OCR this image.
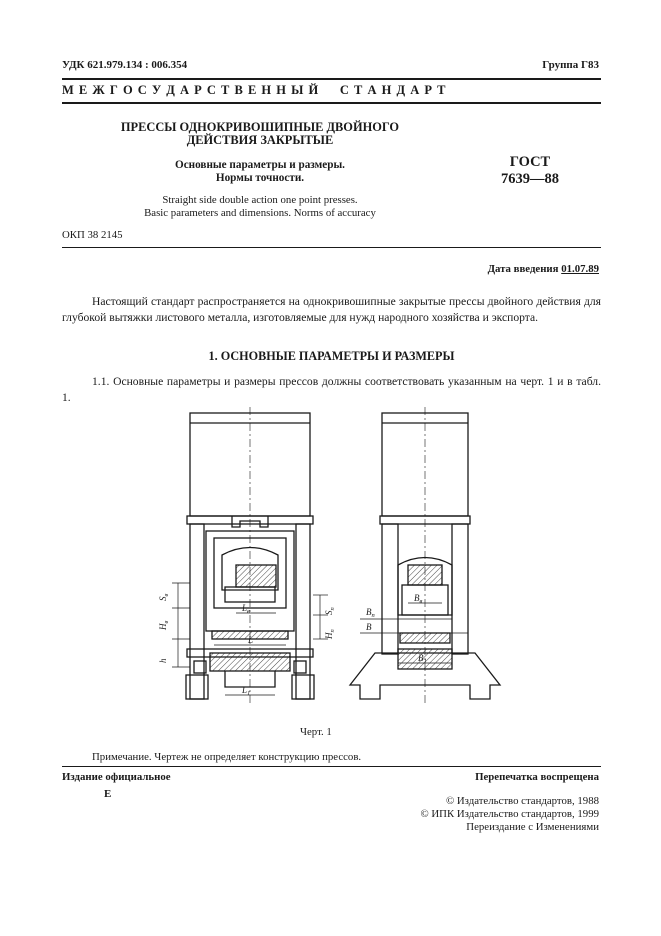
УДК 621.979.134 : 006.354	Группа Г83
М Е Ж Г О С У Д А Р С Т В Е Н Н Ы Й     С Т А Н Д А Р Т
ПРЕССЫ ОДНОКРИВОШИПНЫЕ ДВОЙНОГО
ДЕЙСТВИЯ ЗАКРЫТЫЕ
Основные параметры и размеры.
Нормы точности.
Straight side double action one point presses.
Basic parameters and dimensions. Norms of accuracy
ГОСТ
7639—88
ОКП 38 2145
Дата введения 01.07.89
Настоящий стандарт распространяется на однокривошипные закрытые прессы двойного действия для глубокой вытяжки листового металла, изготовляемые для нужд народного хозяйства и экспорта.
1. ОСНОВНЫЕ ПАРАМЕТРЫ И РАЗМЕРЫ
1.1. Основные параметры и размеры прессов должны соответствовать указанным на черт. 1 и в табл. 1.
$S_в$
$H_в$
h
$L_в$
L
$L_1$
$S_п$
$H_п$
$B_п$
$B_в$
B
$B_1$
Черт. 1
Примечание. Чертеж не определяет конструкцию прессов.
Издание официальное	Перепечатка воспрещена
Е
© Издательство стандартов, 1988
© ИПК Издательство стандартов, 1999
Переиздание с Изменениями
